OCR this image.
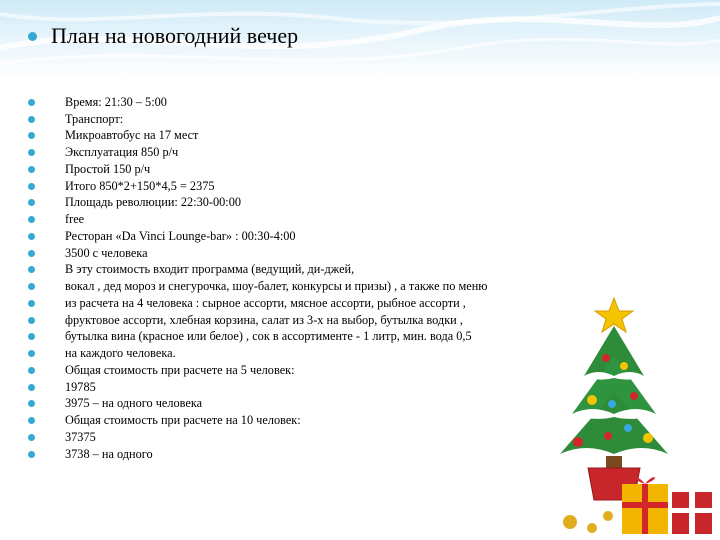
План на новогодний вечер
Время: 21:30 – 5:00
Транспорт:
Микроавтобус на 17 мест
Эксплуатация 850 р/ч
Простой 150 р/ч
Итого 850*2+150*4,5 = 2375
Площадь революции: 22:30-00:00
free
Ресторан «Da Vinci Lounge-bar» : 00:30-4:00
3500 с человека
В эту стоимость входит программа (ведущий, ди-джей,
вокал , дед мороз и снегурочка, шоу-балет, конкурсы и призы) , а также по меню
из расчета на 4 человека : сырное ассорти, мясное ассорти, рыбное ассорти ,
фруктовое ассорти, хлебная корзина, салат из 3-х на выбор, бутылка водки ,
бутылка вина (красное или белое) , сок в ассортименте - 1 литр, мин. вода 0,5
на каждого человека.
Общая стоимость при расчете на 5 человек:
19785
3975 – на одного человека
Общая стоимость при расчете на 10 человек:
37375
3738 – на одного
